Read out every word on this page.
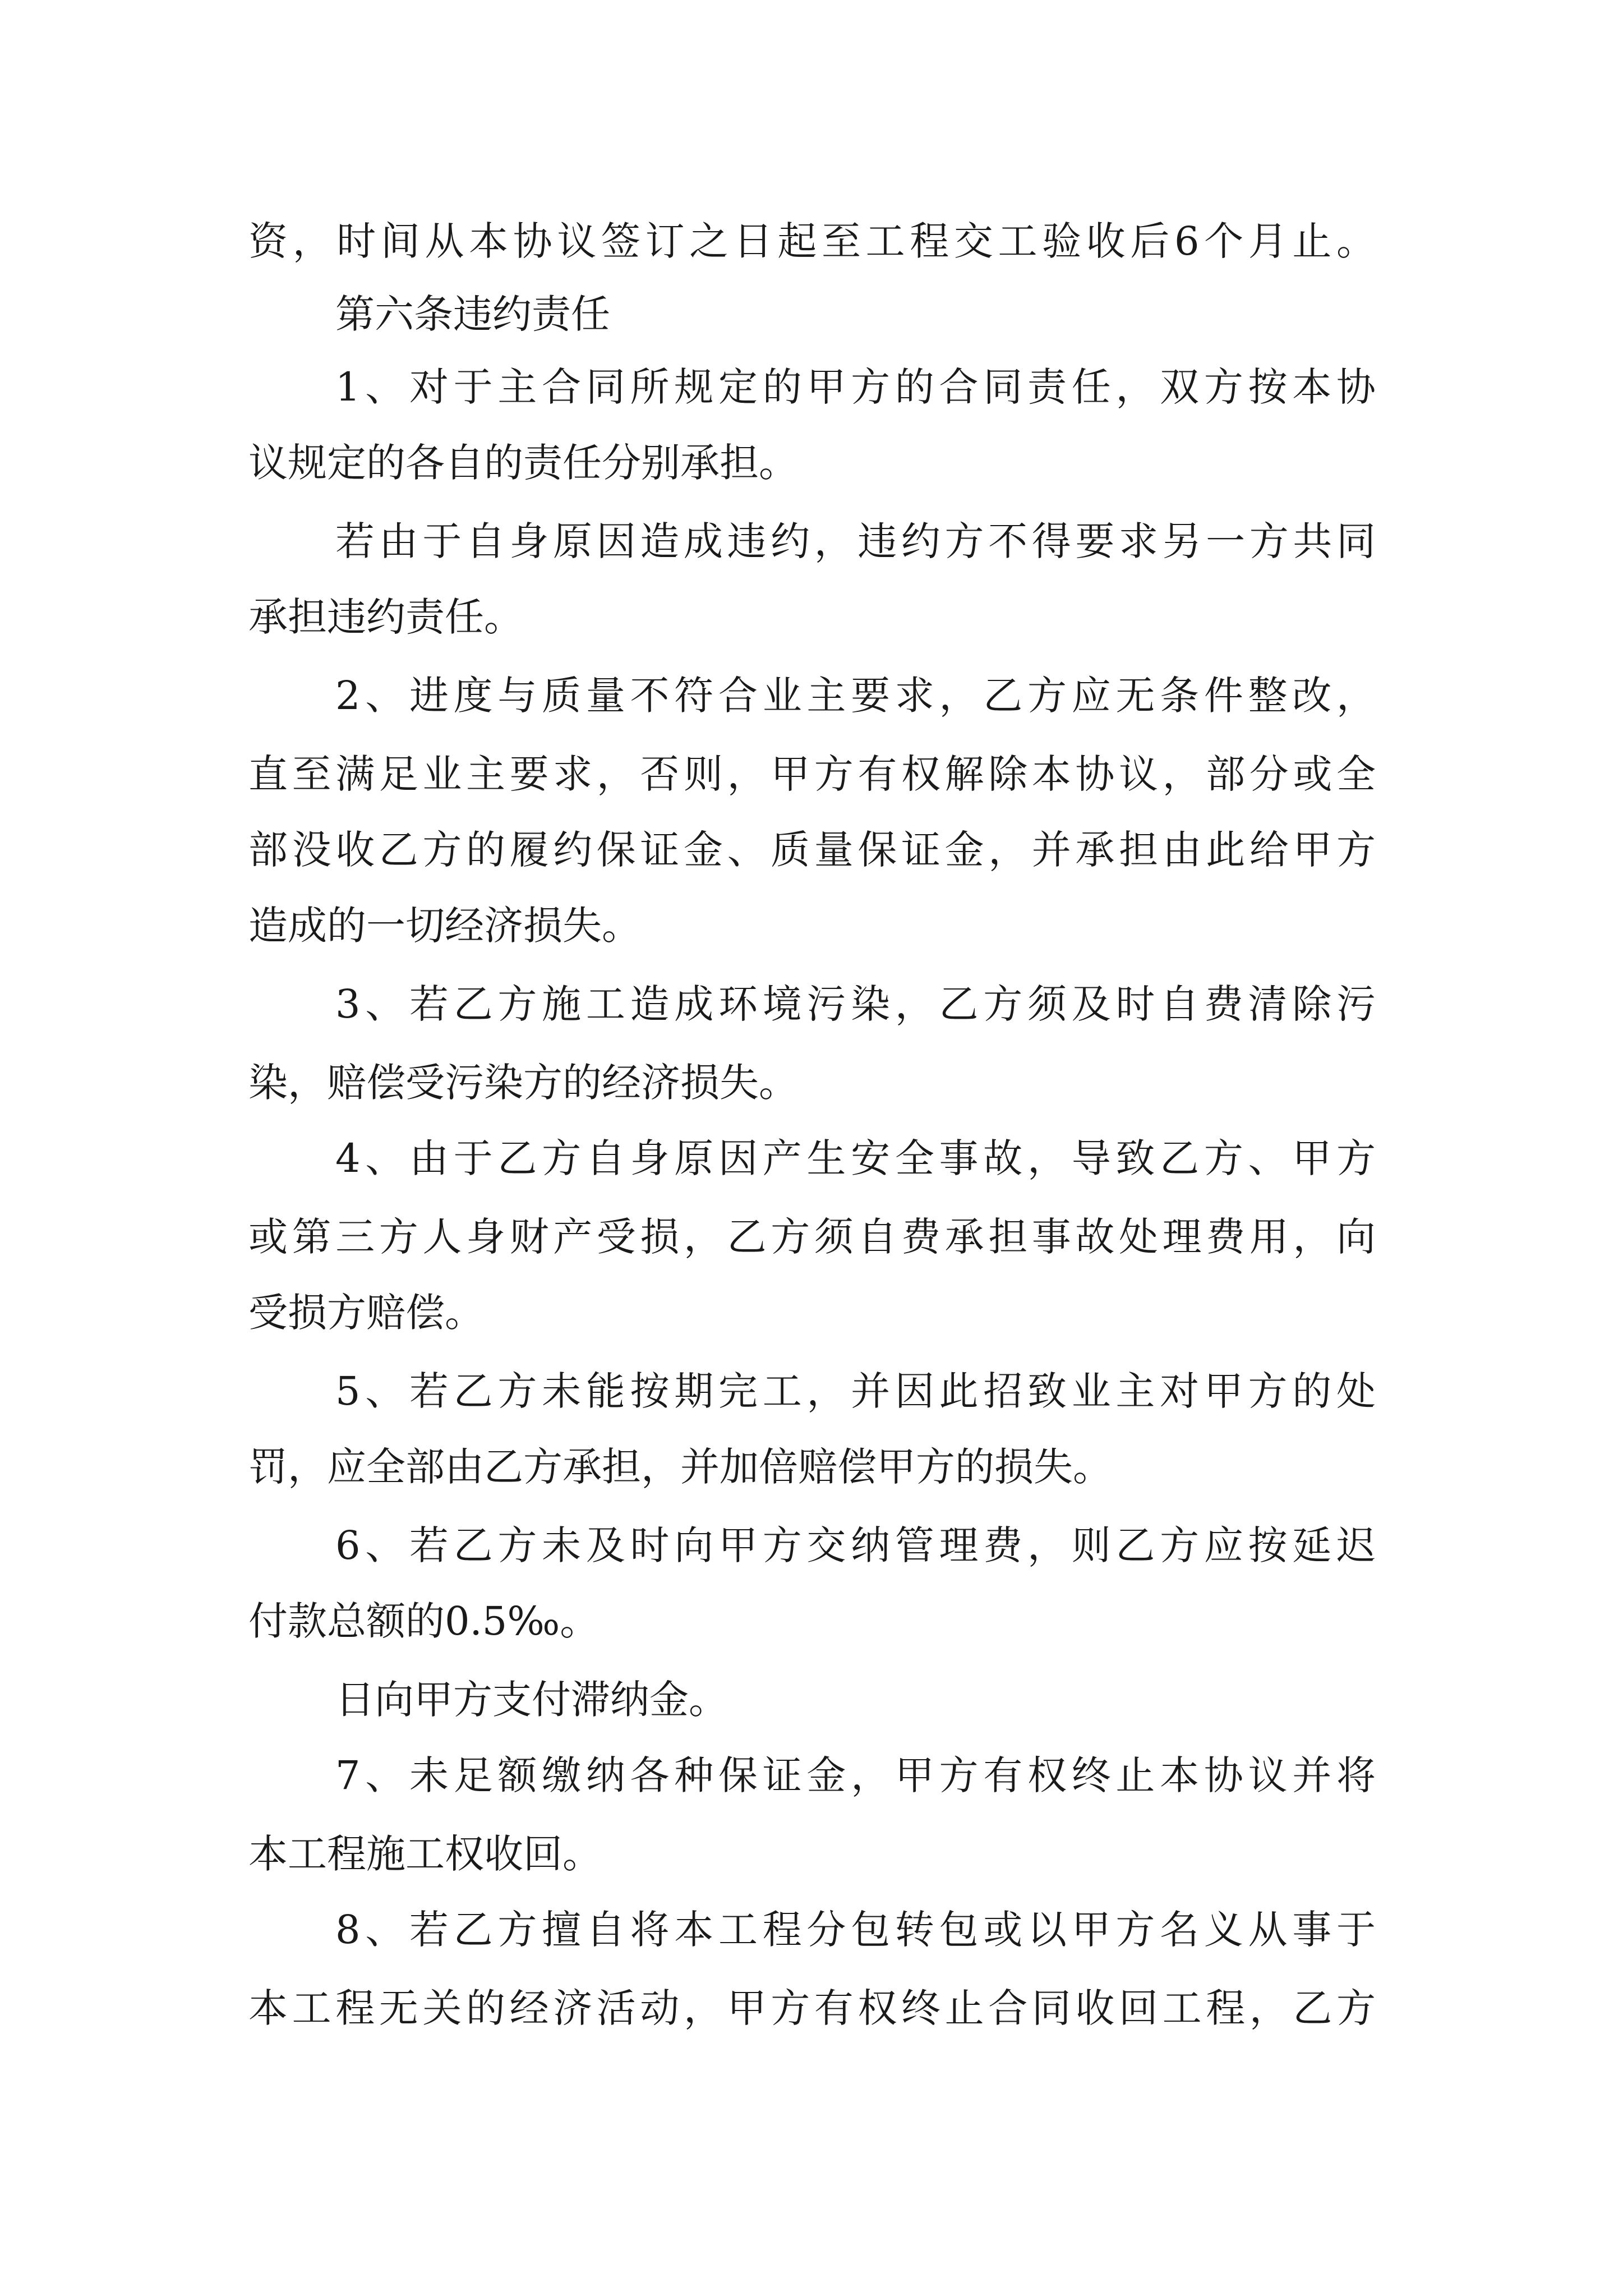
资，时间从本协议签订之日起至工程交工验收后6个月止。
第六条违约责任
1、对于主合同所规定的甲方的合同责任，双方按本协
议规定的各自的责任分别承担。
若由于自身原因造成违约，违约方不得要求另一方共同
承担违约责任。
2、进度与质量不符合业主要求，乙方应无条件整改，
直至满足业主要求，否则，甲方有权解除本协议，部分或全
部没收乙方的履约保证金、质量保证金，并承担由此给甲方
造成的一切经济损失。
3、若乙方施工造成环境污染，乙方须及时自费清除污
染，赔偿受污染方的经济损失。
4、由于乙方自身原因产生安全事故，导致乙方、甲方
或第三方人身财产受损，乙方须自费承担事故处理费用，向
受损方赔偿。
5、若乙方未能按期完工，并因此招致业主对甲方的处
罚，应全部由乙方承担，并加倍赔偿甲方的损失。
6、若乙方未及时向甲方交纳管理费，则乙方应按延迟
付款总额的0.5‰。
日向甲方支付滞纳金。
7、未足额缴纳各种保证金，甲方有权终止本协议并将
本工程施工权收回。
8、若乙方擅自将本工程分包转包或以甲方名义从事于
本工程无关的经济活动，甲方有权终止合同收回工程，乙方
